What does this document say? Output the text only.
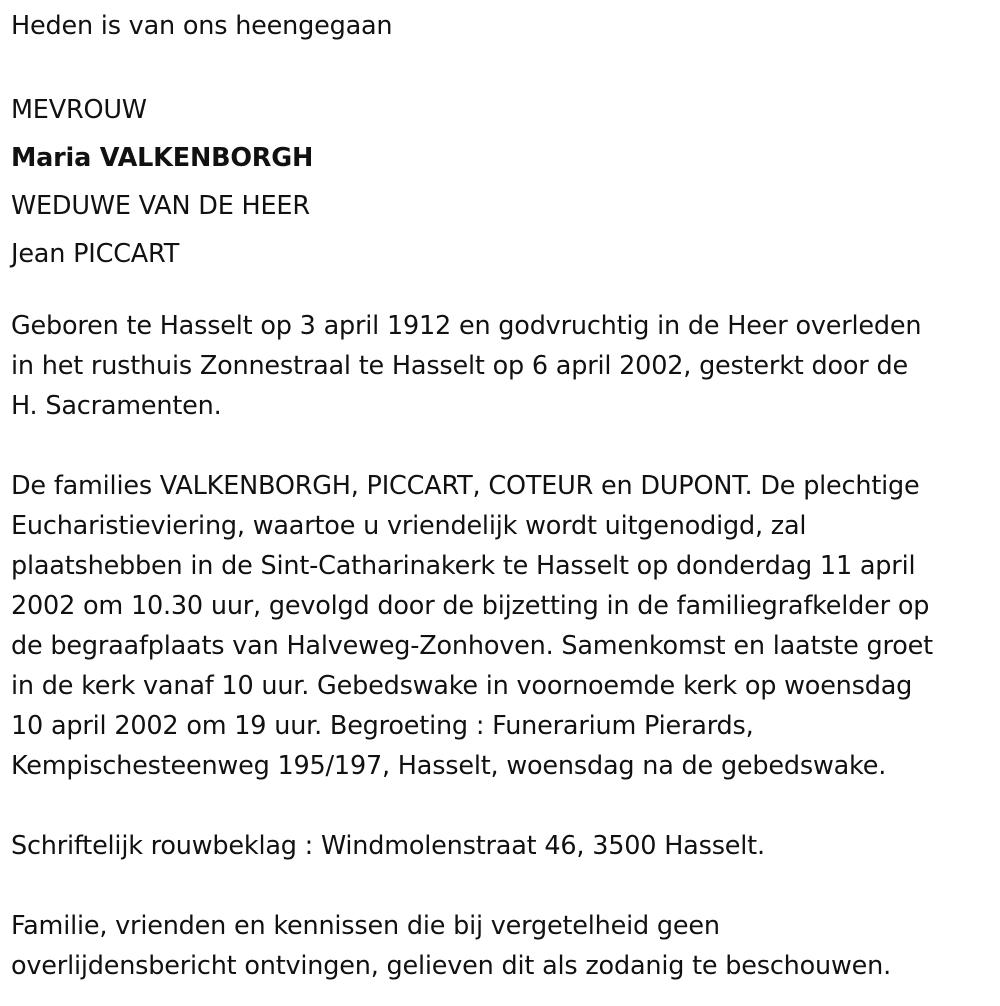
Heden is van ons heengegaan
MEVROUW
Maria VALKENBORGH
WEDUWE VAN DE HEER
Jean PICCART
Geboren te Hasselt op 3 april 1912 en godvruchtig in de Heer overleden
in het rusthuis Zonnestraal te Hasselt op 6 april 2002, gesterkt door de
H. Sacramenten.
De families VALKENBORGH, PICCART, COTEUR en DUPONT. De plechtige
Eucharistieviering, waartoe u vriendelijk wordt uitgenodigd, zal
plaatshebben in de Sint-Catharinakerk te Hasselt op donderdag 11 april
2002 om 10.30 uur, gevolgd door de bijzetting in de familiegrafkelder op
de begraafplaats van Halveweg-Zonhoven. Samenkomst en laatste groet
in de kerk vanaf 10 uur. Gebedswake in voornoemde kerk op woensdag
10 april 2002 om 19 uur. Begroeting : Funerarium Pierards,
Kempischesteenweg 195/197, Hasselt, woensdag na de gebedswake.
Schriftelijk rouwbeklag : Windmolenstraat 46, 3500 Hasselt.
Familie, vrienden en kennissen die bij vergetelheid geen
overlijdensbericht ontvingen, gelieven dit als zodanig te beschouwen.
